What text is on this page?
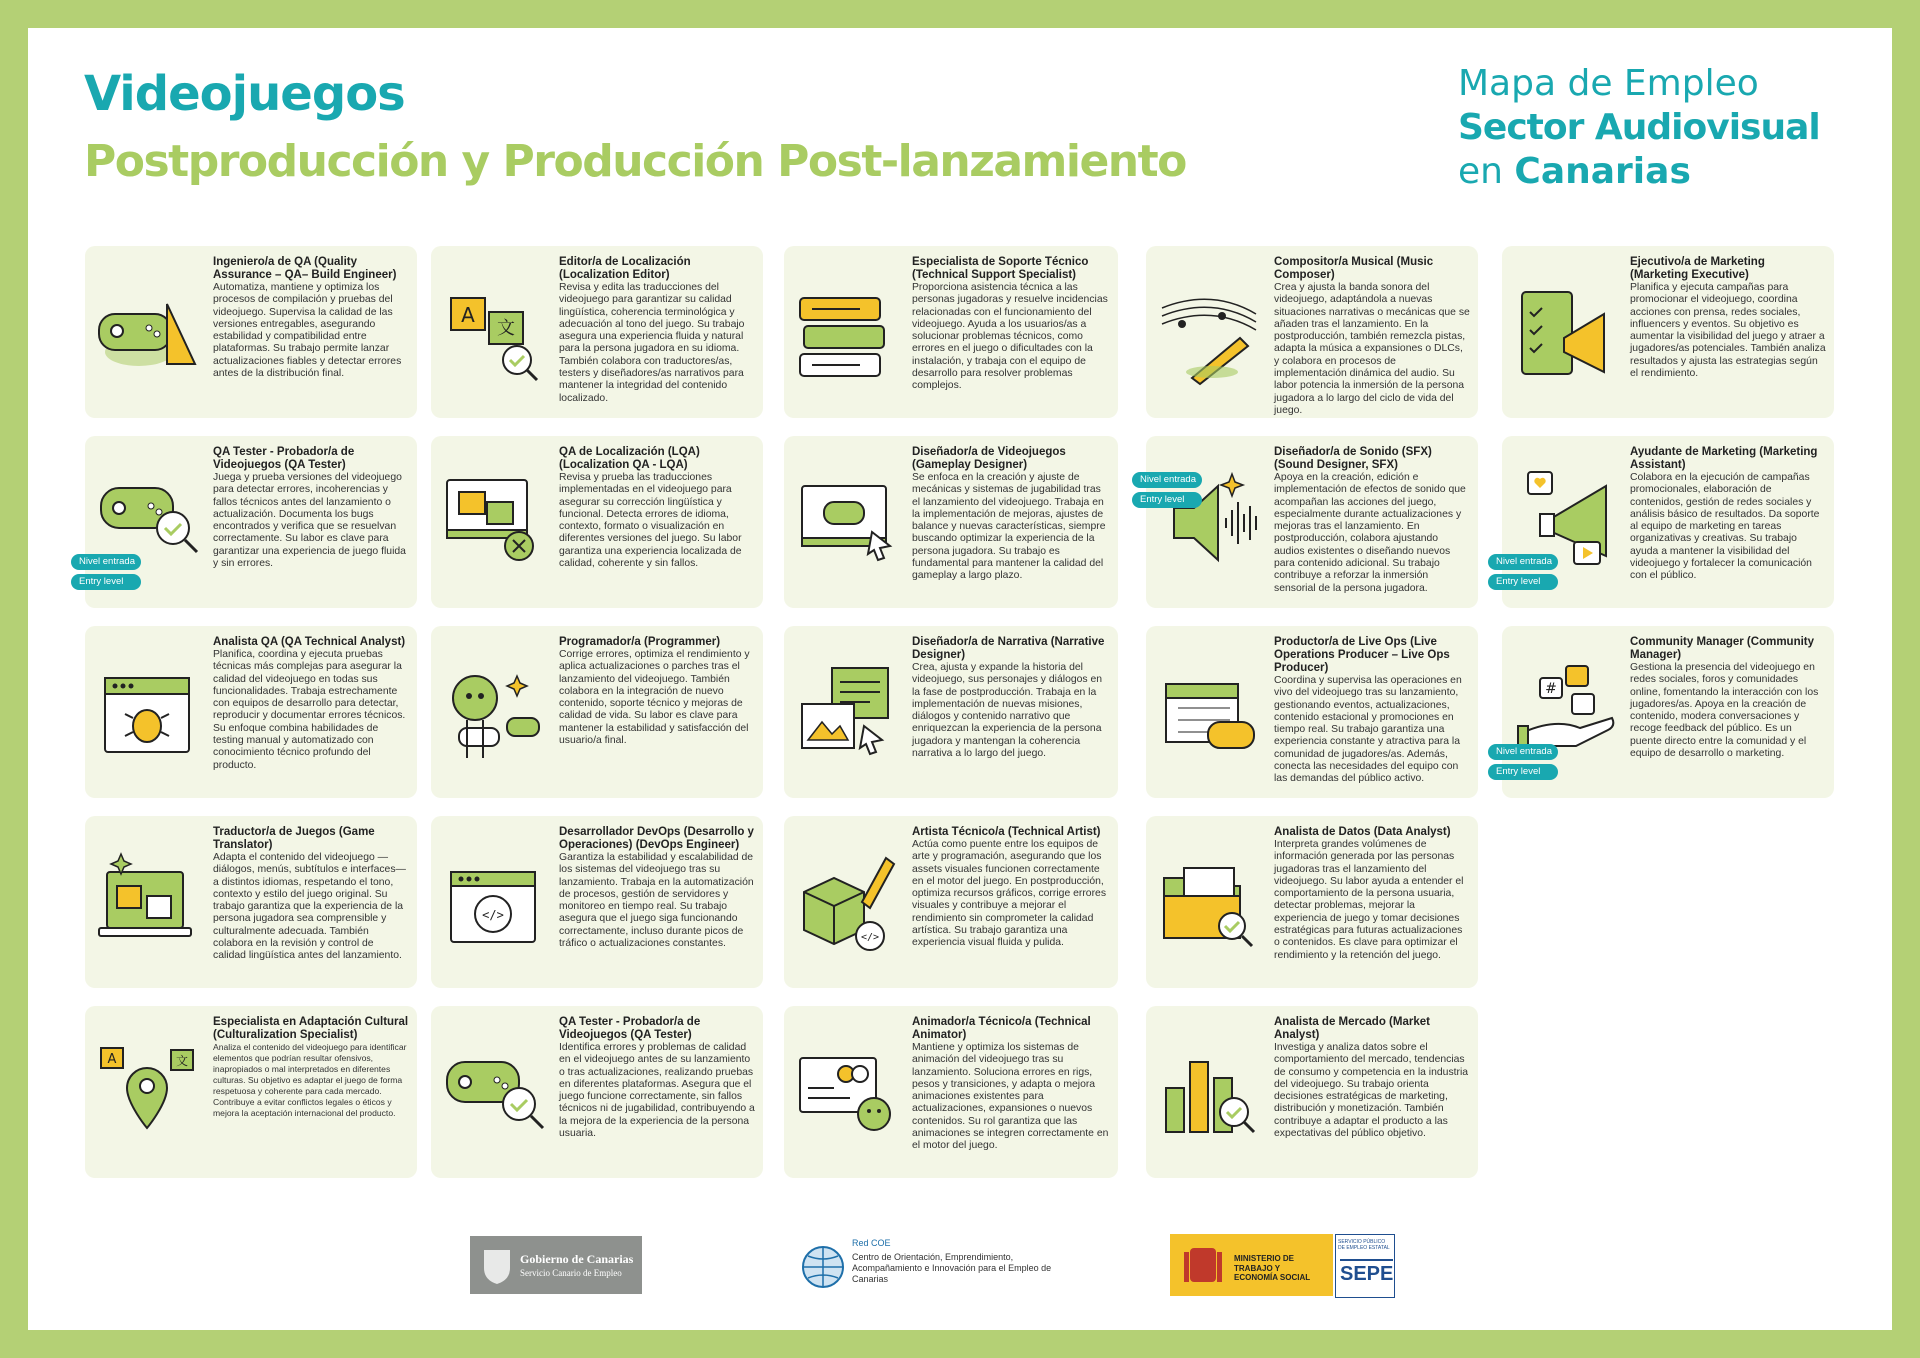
Videojuegos
Postproducción y Producción Post-lanzamiento
Mapa de Empleo
Sector Audiovisual
en Canarias

Ingeniero/a de QA (Quality Assurance – QA– Build Engineer)

Automatiza, mantiene y optimiza los procesos de compilación y pruebas del videojuego. Supervisa la calidad de las versiones entregables, asegurando estabilidad y compatibilidad entre plataformas. Su trabajo permite lanzar actualizaciones fiables y detectar errores antes de la distribución final.

A
文

Editor/a de Localización (Localization Editor)

Revisa y edita las traducciones del videojuego para garantizar su calidad lingüística, coherencia terminológica y adecuación al tono del juego. Su trabajo asegura una experiencia fluida y natural para la persona jugadora en su idioma. También colabora con traductores/as, testers y diseñadores/as narrativos para mantener la integridad del contenido localizado.

Especialista de Soporte Técnico (Technical Support Specialist)

Proporciona asistencia técnica a las personas jugadoras y resuelve incidencias relacionadas con el funcionamiento del videojuego. Ayuda a los usuarios/as a solucionar problemas técnicos, como errores en el juego o dificultades con la instalación, y trabaja con el equipo de desarrollo para resolver problemas complejos.

Compositor/a Musical (Music Composer)

Crea y ajusta la banda sonora del videojuego, adaptándola a nuevas situaciones narrativas o mecánicas que se añaden tras el lanzamiento. En la postproducción, también remezcla pistas, adapta la música a expansiones o DLCs, y colabora en procesos de implementación dinámica del audio. Su labor potencia la inmersión de la persona jugadora a lo largo del ciclo de vida del juego.

Ejecutivo/a de Marketing (Marketing Executive)

Planifica y ejecuta campañas para promocionar el videojuego, coordina acciones con prensa, redes sociales, influencers y eventos. Su objetivo es aumentar la visibilidad del juego y atraer a jugadores/as potenciales. También analiza resultados y ajusta las estrategias según el rendimiento.

QA Tester - Probador/a de Videojuegos (QA Tester)

Juega y prueba versiones del videojuego para detectar errores, incoherencias y fallos técnicos antes del lanzamiento o actualización. Documenta los bugs encontrados y verifica que se resuelvan correctamente. Su labor es clave para garantizar una experiencia de juego fluida y sin errores.

Nivel entrada
Entry level

QA de Localización (LQA) (Localization QA - LQA)

Revisa y prueba las traducciones implementadas en el videojuego para asegurar su corrección lingüística y funcional. Detecta errores de idioma, contexto, formato o visualización en diferentes versiones del juego. Su labor garantiza una experiencia localizada de calidad, coherente y sin fallos.

Diseñador/a de Videojuegos (Gameplay Designer)

Se enfoca en la creación y ajuste de mecánicas y sistemas de jugabilidad tras el lanzamiento del videojuego. Trabaja en la implementación de mejoras, ajustes de balance y nuevas características, siempre buscando optimizar la experiencia de la persona jugadora. Su trabajo es fundamental para mantener la calidad del gameplay a largo plazo.

Diseñador/a de Sonido (SFX) (Sound Designer, SFX)

Apoya en la creación, edición e implementación de efectos de sonido que acompañan las acciones del juego, especialmente durante actualizaciones y mejoras tras el lanzamiento. En postproducción, colabora ajustando audios existentes o diseñando nuevos para contenido adicional. Su trabajo contribuye a reforzar la inmersión sensorial de la persona jugadora.

Nivel entrada
Entry level

Ayudante de Marketing (Marketing Assistant)

Colabora en la ejecución de campañas promocionales, elaboración de contenidos, gestión de redes sociales y análisis básico de resultados. Da soporte al equipo de marketing en tareas organizativas y creativas. Su trabajo ayuda a mantener la visibilidad del videojuego y fortalecer la comunicación con el público.

Nivel entrada
Entry level

Analista QA (QA Technical Analyst)

Planifica, coordina y ejecuta pruebas técnicas más complejas para asegurar la calidad del videojuego en todas sus funcionalidades. Trabaja estrechamente con equipos de desarrollo para detectar, reproducir y documentar errores técnicos. Su enfoque combina habilidades de testing manual y automatizado con conocimiento técnico profundo del producto.

Programador/a (Programmer)

Corrige errores, optimiza el rendimiento y aplica actualizaciones o parches tras el lanzamiento del videojuego. También colabora en la integración de nuevo contenido, soporte técnico y mejoras de calidad de vida. Su labor es clave para mantener la estabilidad y satisfacción del usuario/a final.

Diseñador/a de Narrativa (Narrative Designer)

Crea, ajusta y expande la historia del videojuego, sus personajes y diálogos en la fase de postproducción. Trabaja en la implementación de nuevas misiones, diálogos y contenido narrativo que enriquezcan la experiencia de la persona jugadora y mantengan la coherencia narrativa a lo largo del juego.

Productor/a de Live Ops (Live Operations Producer – Live Ops Producer)

Coordina y supervisa las operaciones en vivo del videojuego tras su lanzamiento, gestionando eventos, actualizaciones, contenido estacional y promociones en tiempo real. Su trabajo garantiza una experiencia constante y atractiva para la comunidad de jugadores/as. Además, conecta las necesidades del equipo con las demandas del público activo.

#

Community Manager (Community Manager)

Gestiona la presencia del videojuego en redes sociales, foros y comunidades online, fomentando la interacción con los jugadores/as. Apoya en la creación de contenido, modera conversaciones y recoge feedback del público. Es un puente directo entre la comunidad y el equipo de desarrollo o marketing.

Nivel entrada
Entry level

Traductor/a de Juegos (Game Translator)

Adapta el contenido del videojuego —diálogos, menús, subtítulos e interfaces— a distintos idiomas, respetando el tono, contexto y estilo del juego original. Su trabajo garantiza que la experiencia de la persona jugadora sea comprensible y culturalmente adecuada. También colabora en la revisión y control de calidad lingüística antes del lanzamiento.

</>

Desarrollador DevOps (Desarrollo y Operaciones) (DevOps Engineer)

Garantiza la estabilidad y escalabilidad de los sistemas del videojuego tras su lanzamiento. Trabaja en la automatización de procesos, gestión de servidores y monitoreo en tiempo real. Su trabajo asegura que el juego siga funcionando correctamente, incluso durante picos de tráfico o actualizaciones constantes.

</>

Artista Técnico/a (Technical Artist)

Actúa como puente entre los equipos de arte y programación, asegurando que los assets visuales funcionen correctamente en el motor del juego. En postproducción, optimiza recursos gráficos, corrige errores visuales y contribuye a mejorar el rendimiento sin comprometer la calidad artística. Su trabajo garantiza una experiencia visual fluida y pulida.

Analista de Datos (Data Analyst)

Interpreta grandes volúmenes de información generada por las personas jugadoras tras el lanzamiento del videojuego. Su labor ayuda a entender el comportamiento de la persona usuaria, detectar problemas, mejorar la experiencia de juego y tomar decisiones estratégicas para futuras actualizaciones o contenidos. Es clave para optimizar el rendimiento y la retención del juego.

A	文

Especialista en Adaptación Cultural (Culturalization Specialist)

Analiza el contenido del videojuego para identificar elementos que podrían resultar ofensivos, inapropiados o mal interpretados en diferentes culturas. Su objetivo es adaptar el juego de forma respetuosa y coherente para cada mercado. Contribuye a evitar conflictos legales o éticos y mejora la aceptación internacional del producto.

QA Tester - Probador/a de Videojuegos (QA Tester)

Identifica errores y problemas de calidad en el videojuego antes de su lanzamiento o tras actualizaciones, realizando pruebas en diferentes plataformas. Asegura que el juego funcione correctamente, sin fallos técnicos ni de jugabilidad, contribuyendo a la mejora de la experiencia de la persona usuaria.

Animador/a Técnico/a (Technical Animator)

Mantiene y optimiza los sistemas de animación del videojuego tras su lanzamiento. Soluciona errores en rigs, pesos y transiciones, y adapta o mejora animaciones existentes para actualizaciones, expansiones o nuevos contenidos. Su rol garantiza que las animaciones se integren correctamente en el motor del juego.

Analista de Mercado (Market Analyst)

Investiga y analiza datos sobre el comportamiento del mercado, tendencias de consumo y competencia en la industria del videojuego. Su trabajo orienta decisiones estratégicas de marketing, distribución y monetización. También contribuye a adaptar el producto a las expectativas del público objetivo.

Gobierno de Canarias
Servicio Canario de Empleo
Red COE
Centro de Orientación, Emprendimiento, Acompañamiento e Innovación para el Empleo de Canarias
MINISTERIO DE TRABAJO Y ECONOMÍA SOCIAL
SERVICIO PÚBLICO DE EMPLEO ESTATAL
SEPE
